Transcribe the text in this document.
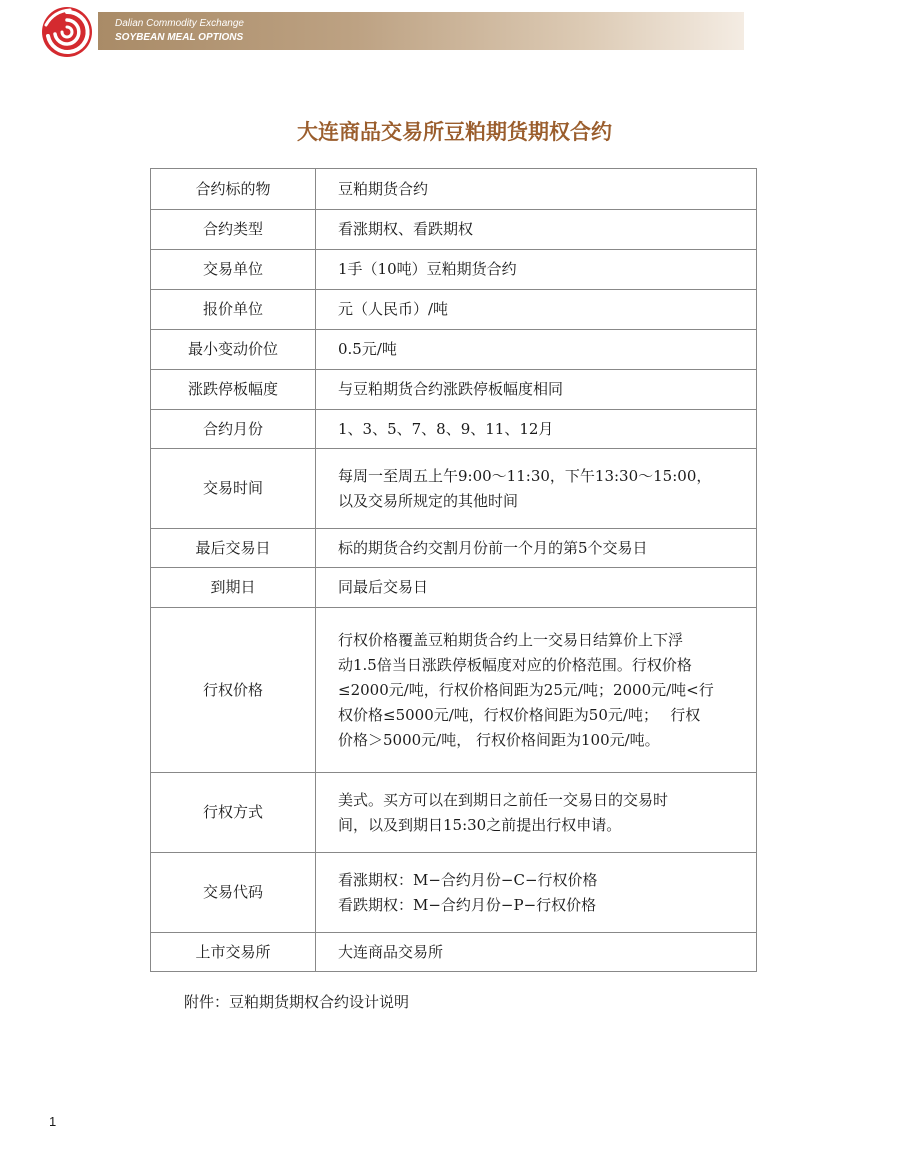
Dalian Commodity Exchange
SOYBEAN MEAL OPTIONS
大连商品交易所豆粕期货期权合约
合约标的物	豆粕期货合约

合约类型	看涨期权、看跌期权

交易单位	1手（10吨）豆粕期货合约

报价单位	元（人民币）/吨

最小变动价位	0.5元/吨

涨跌停板幅度	与豆粕期货合约涨跌停板幅度相同

合约月份	1、3、5、7、8、9、11、12月

交易时间	每周一至周五上午9:00～11:30，下午13:30～15:00，
以及交易所规定的其他时间

最后交易日	标的期货合约交割月份前一个月的第5个交易日

到期日	同最后交易日

行权价格	行权价格覆盖豆粕期货合约上一交易日结算价上下浮
动1.5倍当日涨跌停板幅度对应的价格范围。行权价格
≤2000元/吨，行权价格间距为25元/吨；2000元/吨<行
权价格≤5000元/吨，行权价格间距为50元/吨；　 行权
价格＞5000元/吨， 行权价格间距为100元/吨。

行权方式	美式。买方可以在到期日之前任一交易日的交易时
间，以及到期日15:30之前提出行权申请。

交易代码	看涨期权：M−合约月份−C−行权价格
看跌期权：M−合约月份−P−行权价格

上市交易所	大连商品交易所
附件：豆粕期货期权合约设计说明
1
